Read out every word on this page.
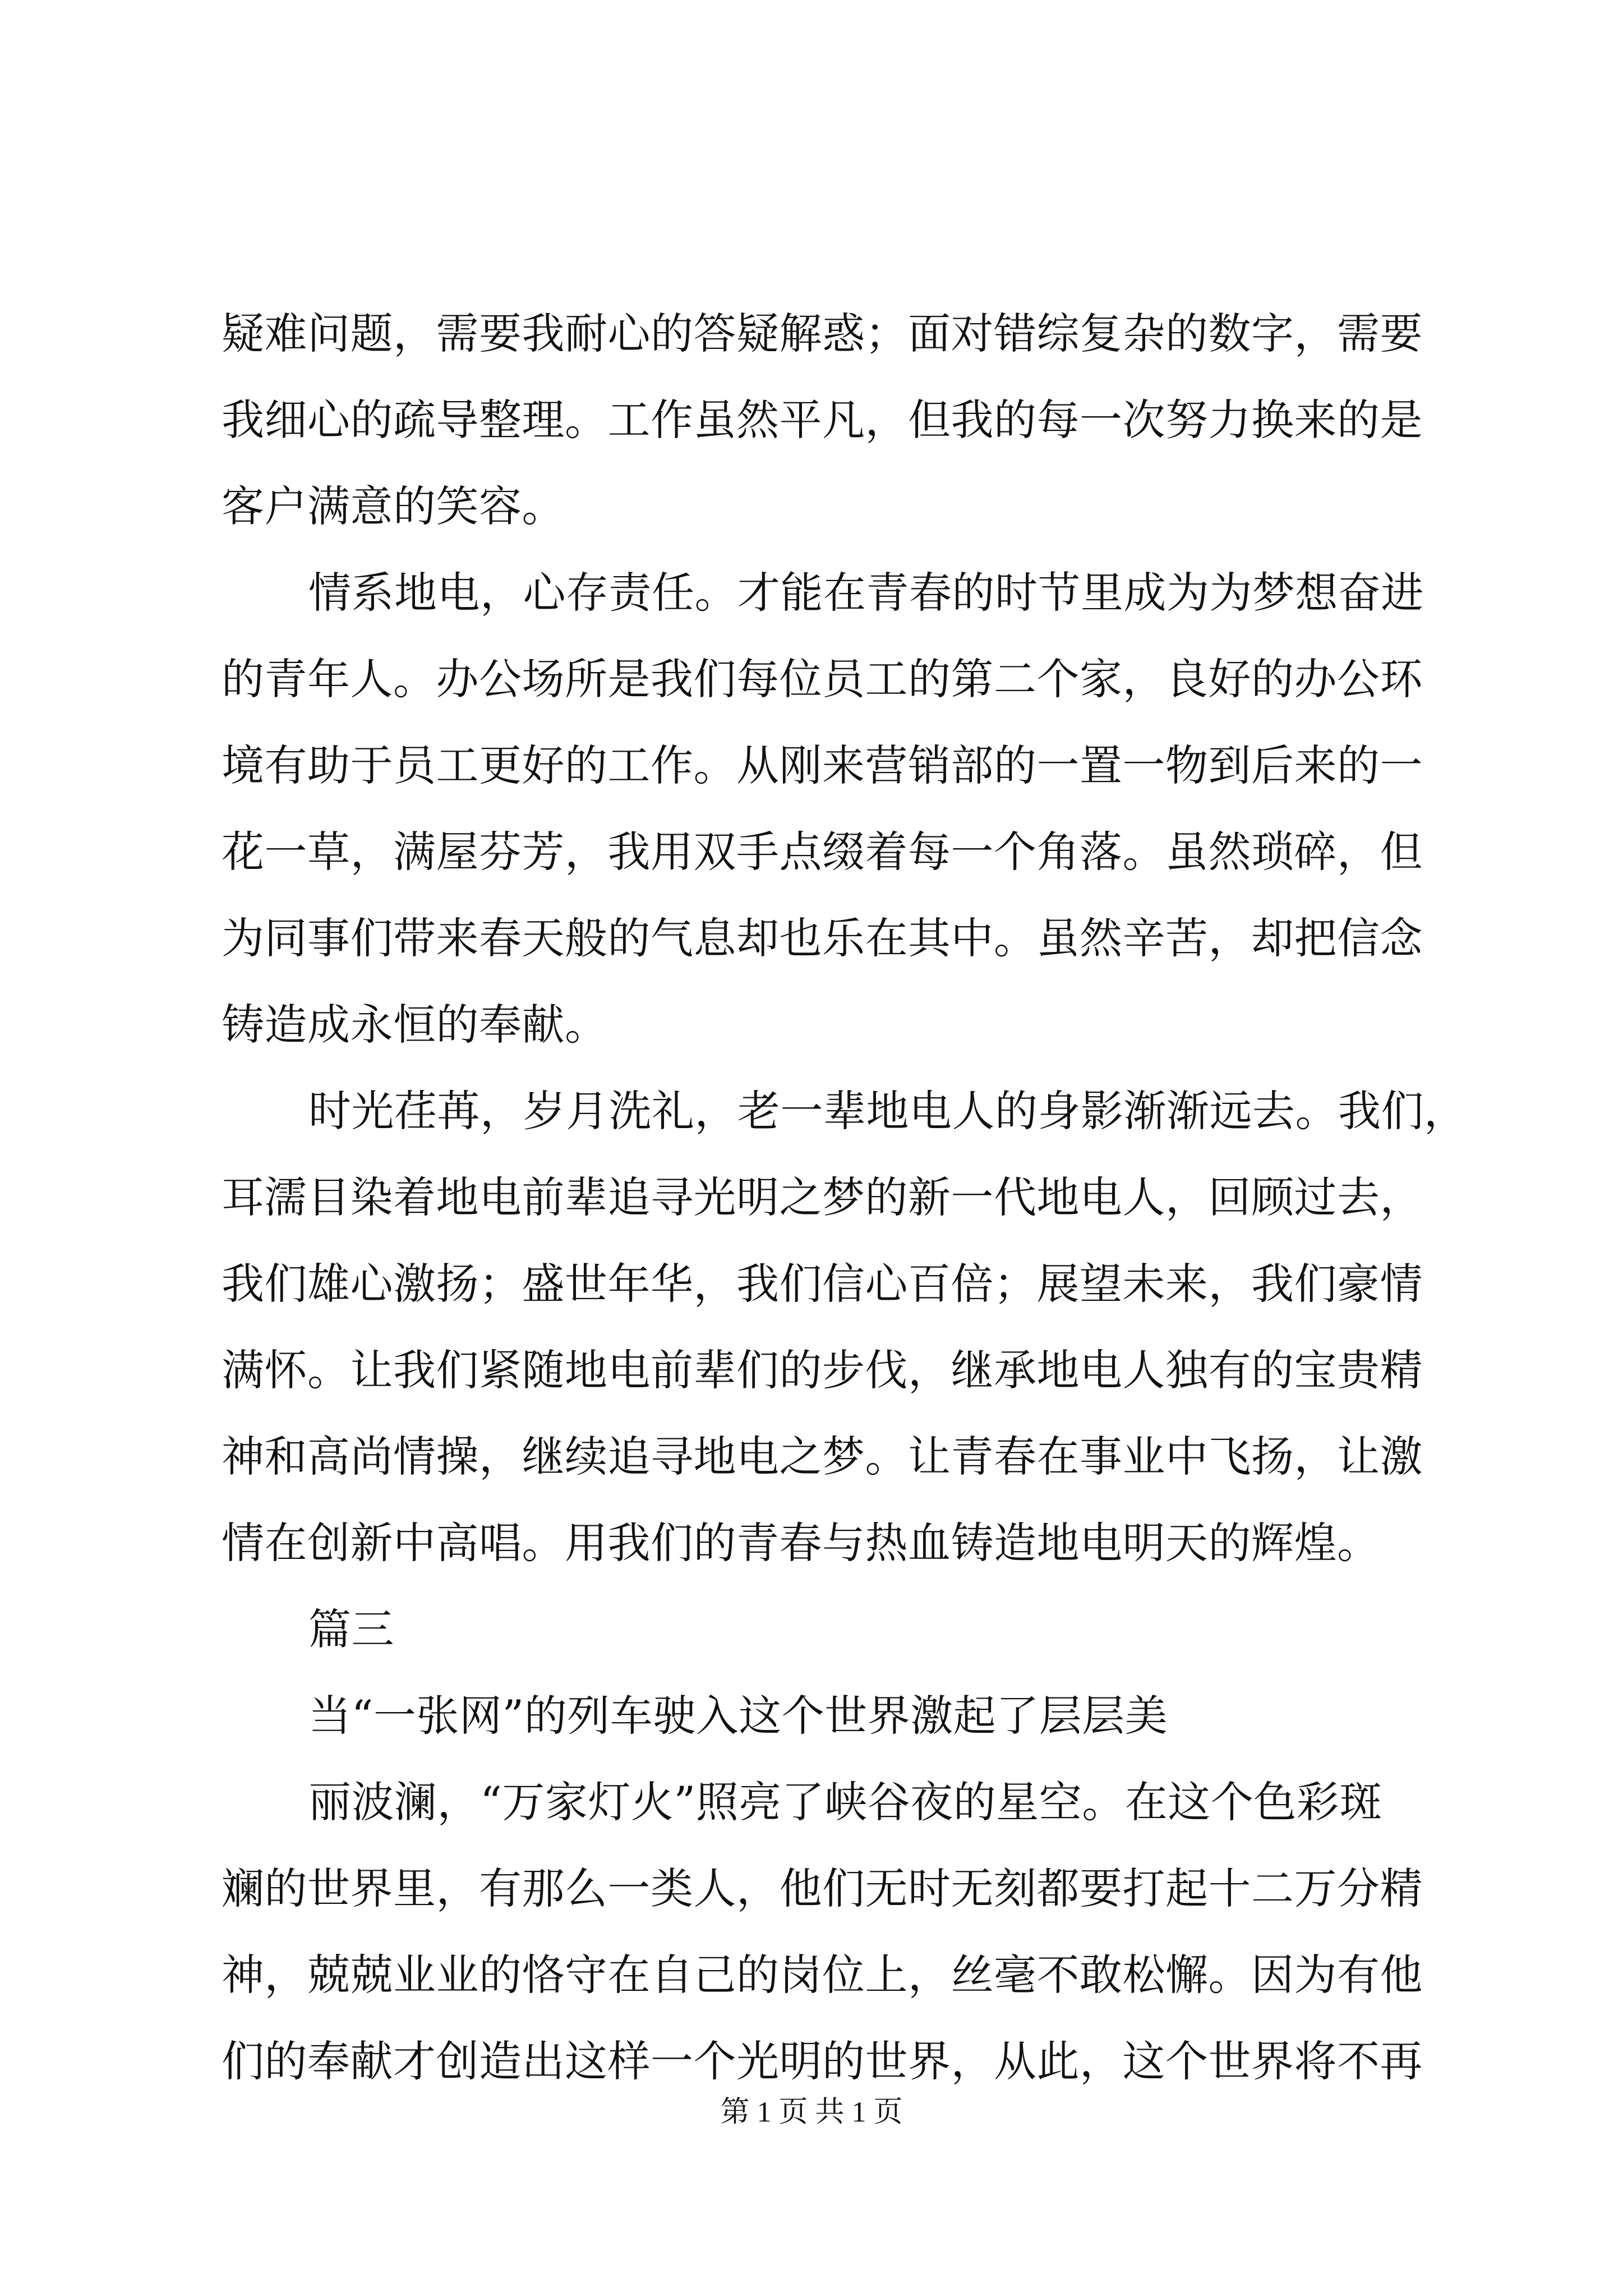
疑难问题，需要我耐心的答疑解惑；面对错综复杂的数字，需要
我细心的疏导整理。工作虽然平凡，但我的每一次努力换来的是
客户满意的笑容。
情系地电，心存责任。才能在青春的时节里成为为梦想奋进
的青年人。办公场所是我们每位员工的第二个家，良好的办公环
境有助于员工更好的工作。从刚来营销部的一置一物到后来的一
花一草，满屋芬芳，我用双手点缀着每一个角落。虽然琐碎，但
为同事们带来春天般的气息却也乐在其中。虽然辛苦，却把信念
铸造成永恒的奉献。
时光荏苒，岁月洗礼，老一辈地电人的身影渐渐远去。我们，
耳濡目染着地电前辈追寻光明之梦的新一代地电人，回顾过去，
我们雄心激扬；盛世年华，我们信心百倍；展望未来，我们豪情
满怀。让我们紧随地电前辈们的步伐，继承地电人独有的宝贵精
神和高尚情操，继续追寻地电之梦。让青春在事业中飞扬，让激
情在创新中高唱。用我们的青春与热血铸造地电明天的辉煌。
篇三
当“一张网”的列车驶入这个世界激起了层层美
丽波澜，“万家灯火”照亮了峡谷夜的星空。在这个色彩斑
斓的世界里，有那么一类人，他们无时无刻都要打起十二万分精
神，兢兢业业的恪守在自己的岗位上，丝毫不敢松懈。因为有他
们的奉献才创造出这样一个光明的世界，从此，这个世界将不再
第 1 页 共 1 页
